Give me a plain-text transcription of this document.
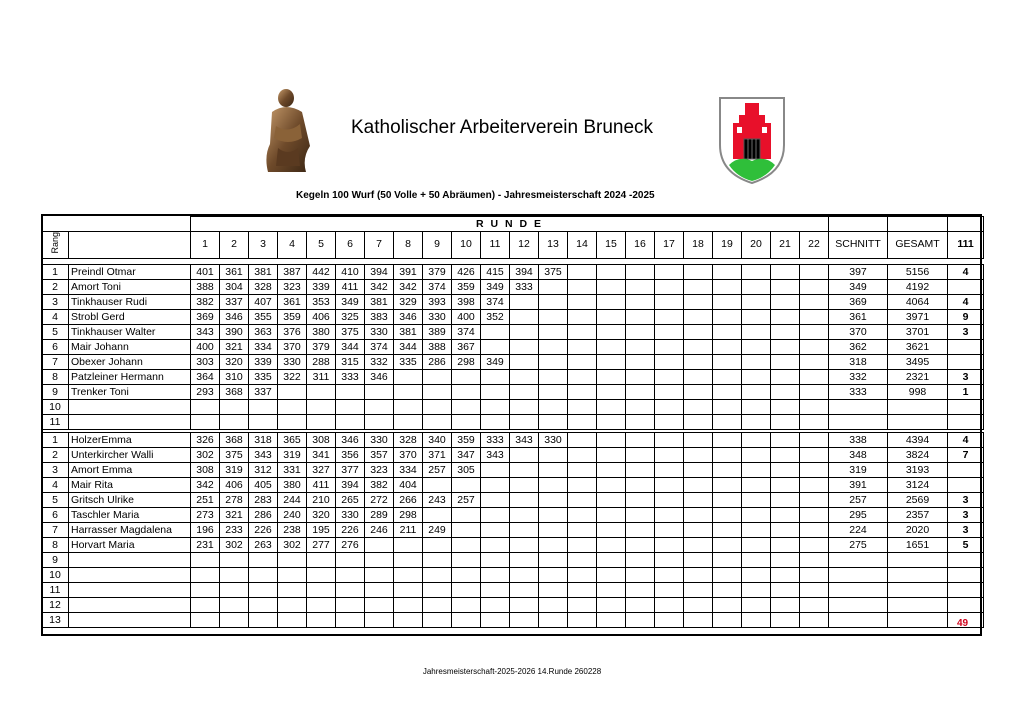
Katholischer Arbeiterverein Bruneck
Kegeln 100 Wurf (50 Volle + 50 Abräumen) - Jahresmeisterschaft 2024 -2025
		R U N D E																								
Rang		1	2	3	4	5	6	7	8	9	10	11	12	13	14	15	16	17	18	19	20	21	22	SCHNITT	GESAMT	111
1	Preindl Otmar	401	361	381	387	442	410	394	391	379	426	415	394	375										397	5156	4
2	Amort Toni	388	304	328	323	339	411	342	342	374	359	349	333											349	4192	
3	Tinkhauser Rudi	382	337	407	361	353	349	381	329	393	398	374												369	4064	4
4	Strobl Gerd	369	346	355	359	406	325	383	346	330	400	352												361	3971	9
5	Tinkhauser Walter	343	390	363	376	380	375	330	381	389	374													370	3701	3
6	Mair Johann	400	321	334	370	379	344	374	344	388	367													362	3621	
7	Obexer Johann	303	320	339	330	288	315	332	335	286	298	349												318	3495	
8	Patzleiner Hermann	364	310	335	322	311	333	346																332	2321	3
9	Trenker Toni	293	368	337																				333	998	1
10																										
11																										
1	HolzerEmma	326	368	318	365	308	346	330	328	340	359	333	343	330										338	4394	4
2	Unterkircher Walli	302	375	343	319	341	356	357	370	371	347	343												348	3824	7
3	Amort Emma	308	319	312	331	327	377	323	334	257	305													319	3193	
4	Mair Rita	342	406	405	380	411	394	382	404															391	3124	
5	Gritsch Ulrike	251	278	283	244	210	265	272	266	243	257													257	2569	3
6	Taschler Maria	273	321	286	240	320	330	289	298															295	2357	3
7	Harrasser Magdalena	196	233	226	238	195	226	246	211	249														224	2020	3
8	Horvart Maria	231	302	263	302	277	276																	275	1651	5
9																										
10																										
11																										
12																										
13																											49
Jahresmeisterschaft-2025-2026 14.Runde 260228
